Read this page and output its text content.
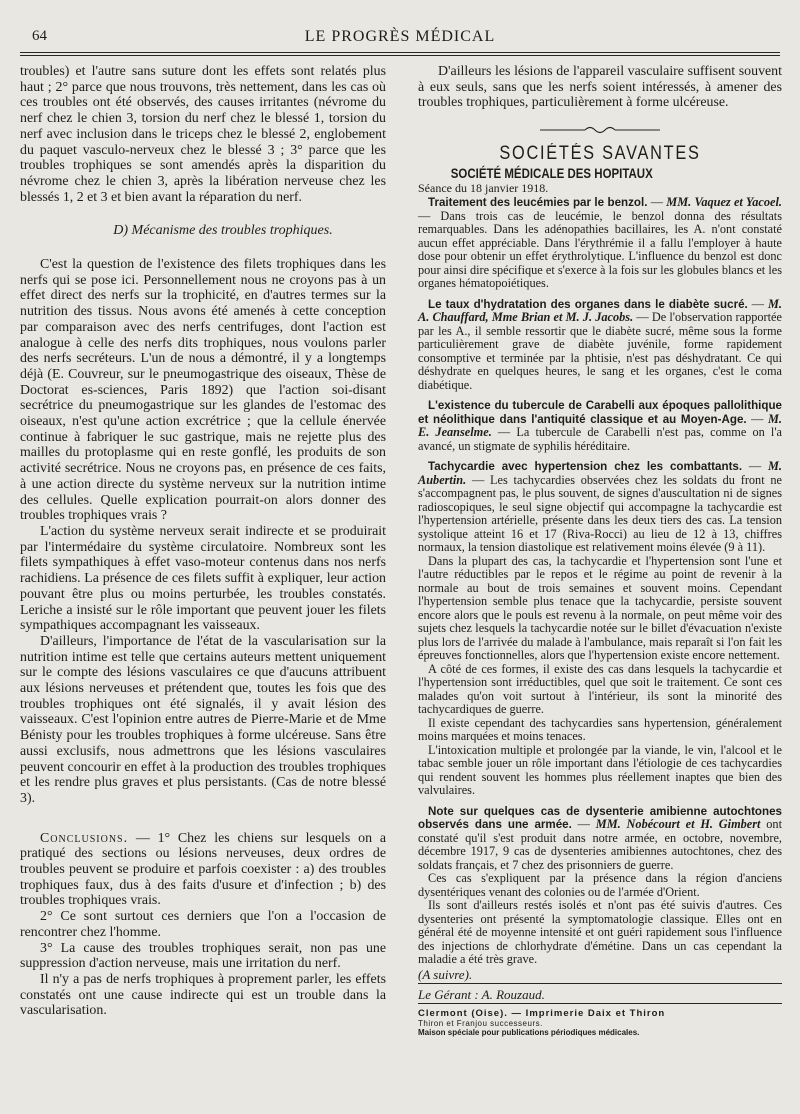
64	LE PROGRÈS MÉDICAL

troubles) et l'autre sans suture dont les effets sont relatés plus haut ; 2° parce que nous trouvons, très nettement, dans les cas où ces troubles ont été observés, des causes irritantes (névrome du nerf chez le chien 3, torsion du nerf chez le blessé 1, torsion du nerf avec inclusion dans le triceps chez le blessé 2, englobement du paquet vasculo-nerveux chez le blessé 3 ; 3° parce que les troubles trophiques se sont amendés après la disparition du névrome chez le chien 3, après la libération nerveuse chez les blessés 1, 2 et 3 et bien avant la réparation du nerf.

D) Mécanisme des troubles trophiques.

C'est la question de l'existence des filets trophiques dans les nerfs qui se pose ici. Personnellement nous ne croyons pas à un effet direct des nerfs sur la trophicité, en d'autres termes sur la nutrition des tissus. Nous avons été amenés à cette conception par comparaison avec des nerfs centrifuges, dont l'action est analogue à celle des nerfs dits trophiques, nous voulons parler des nerfs secréteurs. L'un de nous a démontré, il y a longtemps déjà (E. Couvreur, sur le pneumogastrique des oiseaux, Thèse de Doctorat es-sciences, Paris 1892) que l'action soi-disant secrétrice du pneumogastrique sur les glandes de l'estomac des oiseaux, n'est qu'une action excrétrice ; que la cellule énervée continue à fabriquer le suc gastrique, mais ne rejette plus des mailles du protoplasme qui en reste gonflé, les produits de son activité secrétrice. Nous ne croyons pas, en présence de ces faits, à une action directe du système nerveux sur la nutrition intime des cellules. Quelle explication pourrait-on alors donner des troubles trophiques vrais ?

L'action du système nerveux serait indirecte et se produirait par l'intermédaire du système circulatoire. Nombreux sont les filets sympathiques à effet vaso-moteur contenus dans nos nerfs rachidiens. La présence de ces filets suffit à expliquer, leur action pouvant être plus ou moins perturbée, les troubles constatés. Leriche a insisté sur le rôle important que peuvent jouer les filets sympathiques accompagnant les vaisseaux.

D'ailleurs, l'importance de l'état de la vascularisation sur la nutrition intime est telle que certains auteurs mettent uniquement sur le compte des lésions vasculaires ce que d'aucuns attribuent aux lésions nerveuses et prétendent que, toutes les fois que des troubles trophiques ont été signalés, il y avait lésion des vaisseaux. C'est l'opinion entre autres de Pierre-Marie et de Mme Bénisty pour les troubles trophiques à forme ulcéreuse. Sans être aussi exclusifs, nous admettrons que les lésions vasculaires peuvent concourir en effet à la production des troubles trophiques et les rendre plus graves et plus persistants. (Cas de notre blessé 3).

Conclusions. — 1° Chez les chiens sur lesquels on a pratiqué des sections ou lésions nerveuses, deux ordres de troubles peuvent se produire et parfois coexister : a) des troubles trophiques faux, dus à des faits d'usure et d'infection ; b) des troubles trophiques vrais.

2° Ce sont surtout ces derniers que l'on a l'occasion de rencontrer chez l'homme.

3° La cause des troubles trophiques serait, non pas une suppression d'action nerveuse, mais une irritation du nerf.

Il n'y a pas de nerfs trophiques à proprement parler, les effets constatés ont une cause indirecte qui est un trouble dans la vascularisation.

D'ailleurs les lésions de l'appareil vasculaire suffisent souvent à eux seuls, sans que les nerfs soient intéressés, à amener des troubles trophiques, particulièrement à forme ulcéreuse.

SOCIÉTÉS SAVANTES

SOCIÉTÉ MÉDICALE DES HOPITAUX

Séance du 18 janvier 1918.

Traitement des leucémies par le benzol. — MM. Vaquez et Yacoel. — Dans trois cas de leucémie, le benzol donna des résultats remarquables. Dans les adénopathies bacillaires, les A. n'ont constaté aucun effet appréciable. Dans l'érythrémie il a fallu l'employer à haute dose pour obtenir un effet érythrolytique. L'influence du benzol est donc pour ainsi dire spécifique et s'exerce à la fois sur les globules blancs et les organes hématopoiétiques.

Le taux d'hydratation des organes dans le diabète sucré. — M. A. Chauffard, Mme Brian et M. J. Jacobs. — De l'observation rapportée par les A., il semble ressortir que le diabète sucré, même sous la forme particulièrement grave de diabète juvénile, forme rapidement consomptive et terminée par la phtisie, n'est pas déshydratant. Ce qui déshydrate en quelques heures, le sang et les organes, c'est le coma diabétique.

L'existence du tubercule de Carabelli aux époques pallolithique et néolithique dans l'antiquité classique et au Moyen-Age. — M. E. Jeanselme. — La tubercule de Carabelli n'est pas, comme on l'a avancé, un stigmate de syphilis héréditaire.

Tachycardie avec hypertension chez les combattants. — M. Aubertin. — Les tachycardies observées chez les soldats du front ne s'accompagnent pas, le plus souvent, de signes d'auscultation ni de signes radioscopiques, le seul signe objectif qui accompagne la tachycardie est l'hypertension artérielle, présente dans les deux tiers des cas. La tension systolique atteint 16 et 17 (Riva-Rocci) au lieu de 12 à 13, chiffres normaux, la tension diastolique est relativement moins élevée (9 à 11).

Dans la plupart des cas, la tachycardie et l'hypertension sont l'une et l'autre réductibles par le repos et le régime au point de revenir à la normale au bout de trois semaines et souvent moins. Cependant l'hypertension semble plus tenace que la tachycardie, persiste souvent encore alors que le pouls est revenu à la normale, on peut même voir des sujets chez lesquels la tachycardie notée sur le billet d'évacuation n'existe plus lors de l'arrivée du malade à l'ambulance, mais reparaît si l'on fait les épreuves fonctionnelles, alors que l'hypertension existe encore nettement.

A côté de ces formes, il existe des cas dans lesquels la tachycardie et l'hypertension sont irréductibles, quel que soit le traitement. Ce sont ces malades qu'on voit surtout à l'intérieur, ils sont la minorité des tachycardiques de guerre.

Il existe cependant des tachycardies sans hypertension, généralement moins marquées et moins tenaces.

L'intoxication multiple et prolongée par la viande, le vin, l'alcool et le tabac semble jouer un rôle important dans l'étiologie de ces tachycardies qui rendent souvent les hommes plus réellement inaptes que bien des valvulaires.

Note sur quelques cas de dysenterie amibienne autochtones observés dans une armée. — MM. Nobécourt et H. Gimbert ont constaté qu'il s'est produit dans notre armée, en octobre, novembre, décembre 1917, 9 cas de dysenteries amibiennes autochtones, chez des soldats français, et 7 chez des prisonniers de guerre.

Ces cas s'expliquent par la présence dans la région d'anciens dysentériques venant des colonies ou de l'armée d'Orient.

Ils sont d'ailleurs restés isolés et n'ont pas été suivis d'autres. Ces dysenteries ont présenté la symptomatologie classique. Elles ont en général été de moyenne intensité et ont guéri rapidement sous l'influence des injections de chlorhydrate d'émétine. Dans un cas cependant la maladie a été très grave.

(A suivre).

Le Gérant : A. Rouzaud.

Clermont (Oise). — Imprimerie Daix et Thiron

Thiron et Franjou successeurs.

Maison spéciale pour publications périodiques médicales.
